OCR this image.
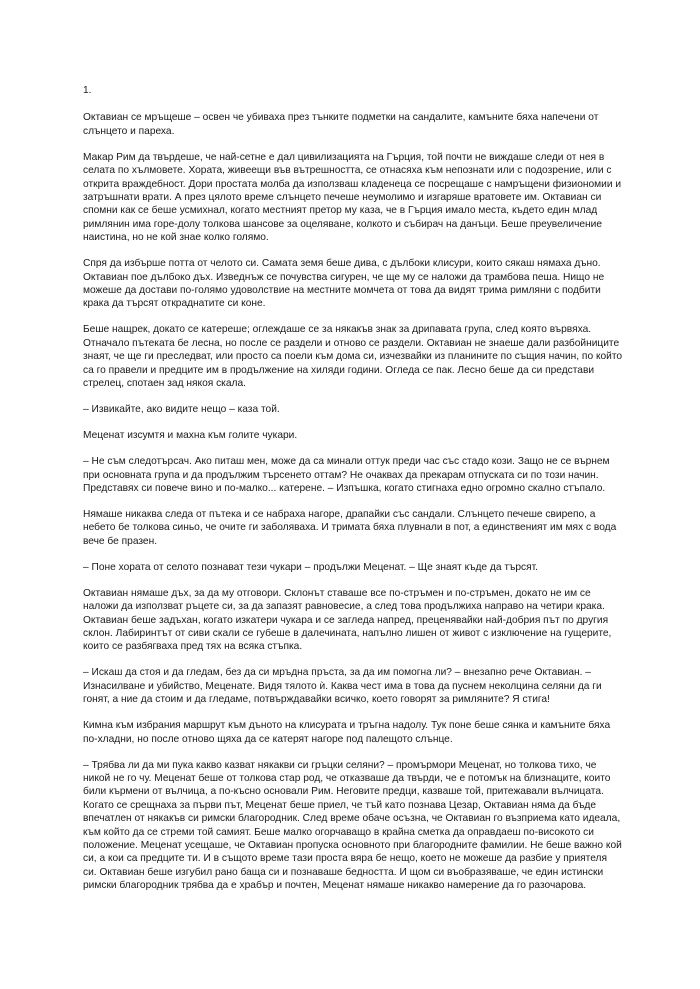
1.

Октавиан се мръщеше – освен че убиваха през тънките подметки на сандалите, камъните бяха напечени от слънцето и пареха.

Макар Рим да твърдеше, че най-сетне е дал цивилизацията на Гърция, той почти не виждаше следи от нея в селата по хълмовете. Хората, живеещи във вътрешността, се отнасяха към непознати или с подозрение, или с открита враждебност. Дори простата молба да използваш кладенеца се посрещаше с намръщени физиономии и затръшнати врати. А през цялото време слънцето печеше неумолимо и изгаряше вратовете им. Октавиан си спомни как се беше усмихнал, когато местният претор му каза, че в Гърция имало места, където един млад римлянин има горе-долу толкова шансове за оцеляване, колкото и събирач на данъци. Беше преувеличение наистина, но не кой знае колко голямо.

Спря да избърше потта от челото си. Самата земя беше дива, с дълбоки клисури, които сякаш нямаха дъно. Октавиан пое дълбоко дъх. Изведнъж се почувства сигурен, че ще му се наложи да трамбова пеша. Нищо не можеше да достави по-голямо удоволствие на местните момчета от това да видят трима римляни с подбити крака да търсят откраднатите си коне.

Беше нащрек, докато се катереше; оглеждаше се за някакъв знак за дрипавата група, след която вървяха. Отначало пътеката бе лесна, но после се раздели и отново се раздели. Октавиан не знаеше дали разбойниците знаят, че ще ги преследват, или просто са поели към дома си, изчезвайки из планините по същия начин, по който са го правели и предците им в продължение на хиляди години. Огледа се пак. Лесно беше да си представи стрелец, спотаен зад някоя скала.

– Извикайте, ако видите нещо – каза той.

Меценат изсумтя и махна към голите чукари.

– Не съм следотърсач. Ако питаш мен, може да са минали оттук преди час със стадо кози. Защо не се върнем при основната група и да продължим търсенето оттам? Не очаквах да прекарам отпуската си по този начин. Представях си повече вино и по-малко... катерене. – Изпъшка, когато стигнаха едно огромно скално стъпало.

Нямаше никаква следа от пътека и се набраха нагоре, драпайки със сандали. Слънцето печеше свирепо, а небето бе толкова синьо, че очите ги заболяваха. И тримата бяха плувнали в пот, а единственият им мях с вода вече бе празен.

– Поне хората от селото познават тези чукари – продължи Меценат. – Ще знаят къде да търсят.

Октавиан нямаше дъх, за да му отговори. Склонът ставаше все по-стръмен и по-стръмен, докато не им се наложи да използват ръцете си, за да запазят равновесие, а след това продължиха направо на четири крака. Октавиан беше задъхан, когато изкатери чукара и се загледа напред, преценявайки най-добрия път по другия склон. Лабиринтът от сиви скали се губеше в далечината, напълно лишен от живот с изключение на гущерите, които се разбягваха пред тях на всяка стъпка.

– Искаш да стоя и да гледам, без да си мръдна пръста, за да им помогна ли? – внезапно рече Октавиан. – Изнасилване и убийство, Меценате. Видя тялото ѝ. Каква чест има в това да пуснем неколцина селяни да ги гонят, а ние да стоим и да гледаме, потвърждавайки всичко, което говорят за римляните? Я стига!

Кимна към избрания маршрут към дъното на клисурата и тръгна надолу. Тук поне беше сянка и камъните бяха по-хладни, но после отново щяха да се катерят нагоре под палещото слънце.

– Трябва ли да ми пука какво казват някакви си гръцки селяни? – промърмори Меценат, но толкова тихо, че никой не го чу. Меценат беше от толкова стар род, че отказваше да твърди, че е потомък на близнаците, които били кърмени от вълчица, а по-късно основали Рим. Неговите предци, казваше той, притежавали вълчицата. Когато се срещнаха за първи път, Меценат беше приел, че тъй като познава Цезар, Октавиан няма да бъде впечатлен от някакъв си римски благородник. След време обаче осъзна, че Октавиан го възприема като идеала, към който да се стреми той самият. Беше малко огорчаващо в крайна сметка да оправдаеш по-високото си положение. Меценат усещаше, че Октавиан пропуска основното при благородните фамилии. Не беше важно кой си, а кои са предците ти. И в същото време тази проста вяра бе нещо, което не можеше да разбие у приятеля си. Октавиан беше изгубил рано баща си и познаваше бедността. И щом си въобразяваше, че един истински римски благородник трябва да е храбър и почтен, Меценат нямаше никакво намерение да го разочарова.
